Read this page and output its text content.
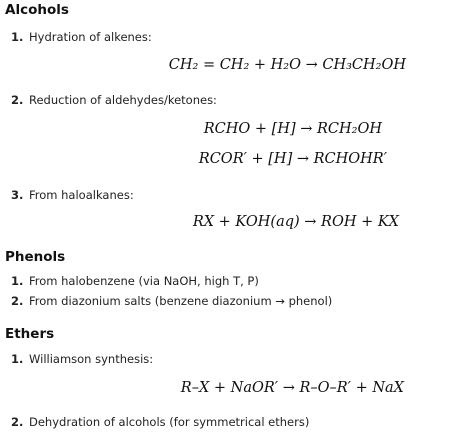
Alcohols
1. Hydration of alkenes:
CH₂ = CH₂ + H₂O → CH₃CH₂OH
2. Reduction of aldehydes/ketones:
RCHO + [H] → RCH₂OH
RCOR′ + [H] → RCHOHR′
3. From haloalkanes:
RX + KOH(aq) → ROH + KX
Phenols
1. From halobenzene (via NaOH, high T, P)
2. From diazonium salts (benzene diazonium → phenol)
Ethers
1. Williamson synthesis:
R–X + NaOR′ → R–O–R′ + NaX
2. Dehydration of alcohols (for symmetrical ethers)
